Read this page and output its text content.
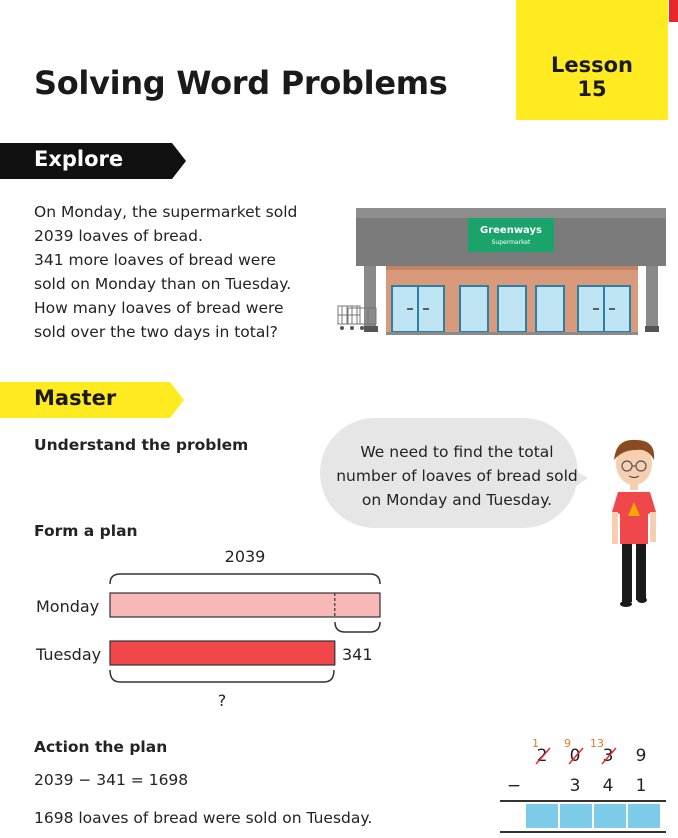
Lesson
15
Solving Word Problems
Explore
On Monday, the supermarket sold
2039 loaves of bread.
341 more loaves of bread were
sold on Monday than on Tuesday.
How many loaves of bread were
sold over the two days in total?
Greenways
Supermarket
Master
Understand the problem	We need to find the total
number of loaves of bread sold
on Monday and Tuesday.
Form a plan
2039
Monday
Tuesday	341
?
Action the plan
2039 − 341 = 1698
1698 loaves of bread were sold on Tuesday.
1 9 13
2	0	3	9
−	3	4	1
